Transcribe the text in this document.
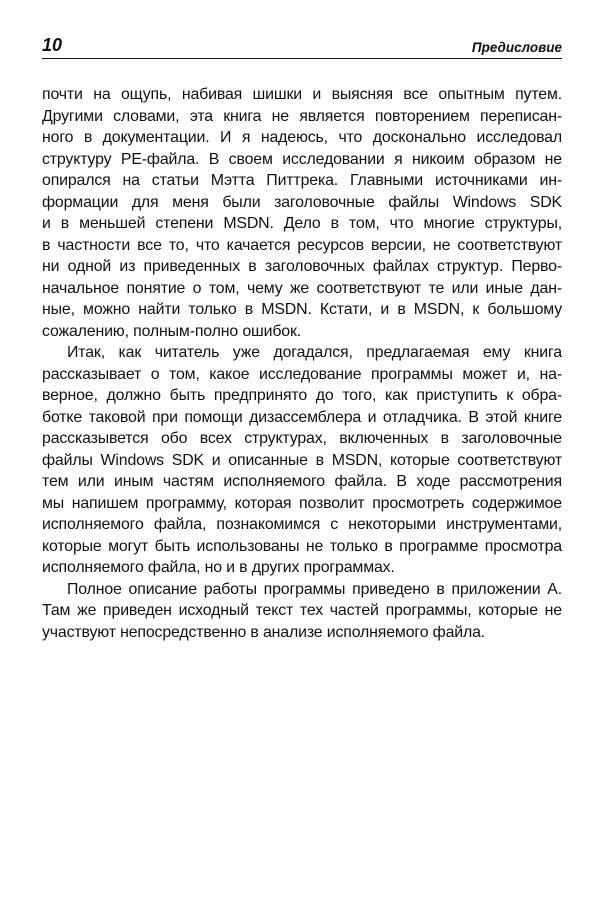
10	Предисловие

почти на ощупь, набивая шишки и выясняя все опытным путем.
Другими словами, эта книга не является повторением переписан-
ного в документации. И я надеюсь, что досконально исследовал
структуру PE-файла. В своем исследовании я никоим образом не
опирался на статьи Мэтта Питтрека. Главными источниками ин-
формации для меня были заголовочные файлы Windows SDK
и в меньшей степени MSDN. Дело в том, что многие структуры,
в частности все то, что качается ресурсов версии, не соответствуют
ни одной из приведенных в заголовочных файлах структур. Перво-
начальное понятие о том, чему же соответствуют те или иные дан-
ные, можно найти только в MSDN. Кстати, и в MSDN, к большому
сожалению, полным-полно ошибок.

Итак, как читатель уже догадался, предлагаемая ему книга
рассказывает о том, какое исследование программы может и, на-
верное, должно быть предпринято до того, как приступить к обра-
ботке таковой при помощи дизассемблера и отладчика. В этой книге
рассказывется обо всех структурах, включенных в заголовочные
файлы Windows SDK и описанные в MSDN, которые соответствуют
тем или иным частям исполняемого файла. В ходе рассмотрения
мы напишем программу, которая позволит просмотреть содержимое
исполняемого файла, познакомимся с некоторыми инструментами,
которые могут быть использованы не только в программе просмотра
исполняемого файла, но и в других программах.

Полное описание работы программы приведено в приложении А.
Там же приведен исходный текст тех частей программы, которые не
участвуют непосредственно в анализе исполняемого файла.
